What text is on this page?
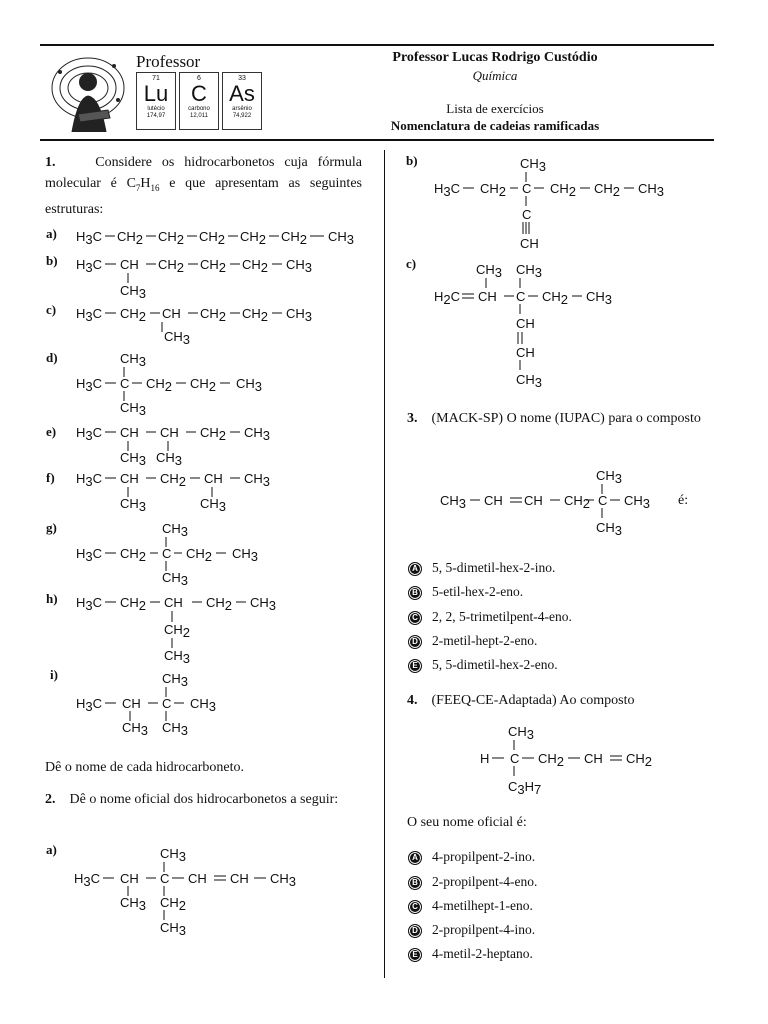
Professor
71
Lu
lutécio
174,97
6
C
carbono
12,011
33
As
arsênio
74,922
Professor Lucas Rodrigo Custódio
Química
Lista de exercícios
Nomenclatura de cadeias ramificadas
1.	Considere os hidrocarbonetos cuja fórmula molecular é $C_7H_{16}$ e que apresentam as seguintes estruturas:
a) H3C CH2 CH2 CH2 CH2 CH2 CH3
b) H3C CH CH2 CH2 CH2 CH3
CH3
c) H3C CH2 CH CH2 CH2 CH3
CH3
d)	CH3
H3C C CH2 CH2 CH3
CH3
e) H3C CH CH CH2 CH3
CH3 CH3
f) H3C CH CH2 CH CH3
CH3	CH3
g)	CH3
H3C CH2 C CH2 CH3
CH3
h) H3C CH2 CH CH2 CH3
CH2
CH3
i)	CH3
H3C CH C CH3
CH3 CH3
Dê o nome de cada hidrocarboneto.
2. Dê o nome oficial dos hidrocarbonetos a seguir:
a)	CH3
H3C CH C CH CH CH3
CH3 CH2
CH3
b)	CH3
H3C CH2 C CH2 CH2 CH3
C
CH
c)	CH3 CH3
H2C CH C CH2 CH3
CH
CH
CH3
3. (MACK-SP) O nome (IUPAC) para o composto
CH3
CH3 CH CH CH2 C CH3
CH3
é:
A 5, 5-dimetil-hex-2-ino.
B 5-etil-hex-2-eno.
C 2, 2, 5-trimetilpent-4-eno.
D 2-metil-hept-2-eno.
E 5, 5-dimetil-hex-2-eno.
4. (FEEQ-CE-Adaptada) Ao composto
CH3
H C CH2 CH CH2
C3H7
O seu nome oficial é:
A 4-propilpent-2-ino.
B 2-propilpent-4-eno.
C 4-metilhept-1-eno.
D 2-propilpent-4-ino.
E 4-metil-2-heptano.
